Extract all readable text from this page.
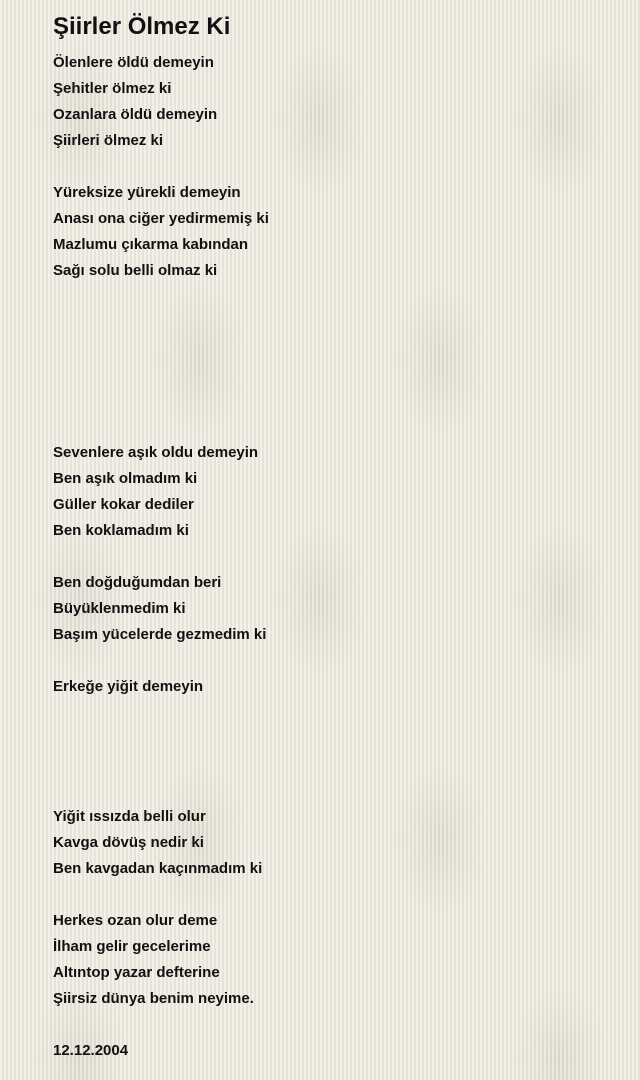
Şiirler Ölmez Ki
Ölenlere öldü demeyin
Şehitler ölmez ki
Ozanlara öldü demeyin
Şiirleri ölmez ki
Yüreksize yürekli demeyin
Anası ona ciğer yedirmemiş ki
Mazlumu çıkarma kabından
Sağı solu belli olmaz ki
Sevenlere aşık oldu demeyin
Ben aşık olmadım ki
Güller kokar dediler
Ben koklamadım ki
Ben doğduğumdan beri
Büyüklenmedim ki
Başım yücelerde gezmedim ki
Erkeğe yiğit demeyin
Yiğit ıssızda belli olur
Kavga dövüş nedir ki
Ben kavgadan kaçınmadım ki
Herkes ozan olur deme
İlham gelir gecelerime
Altıntop yazar defterine
Şiirsiz dünya benim neyime.
12.12.2004
